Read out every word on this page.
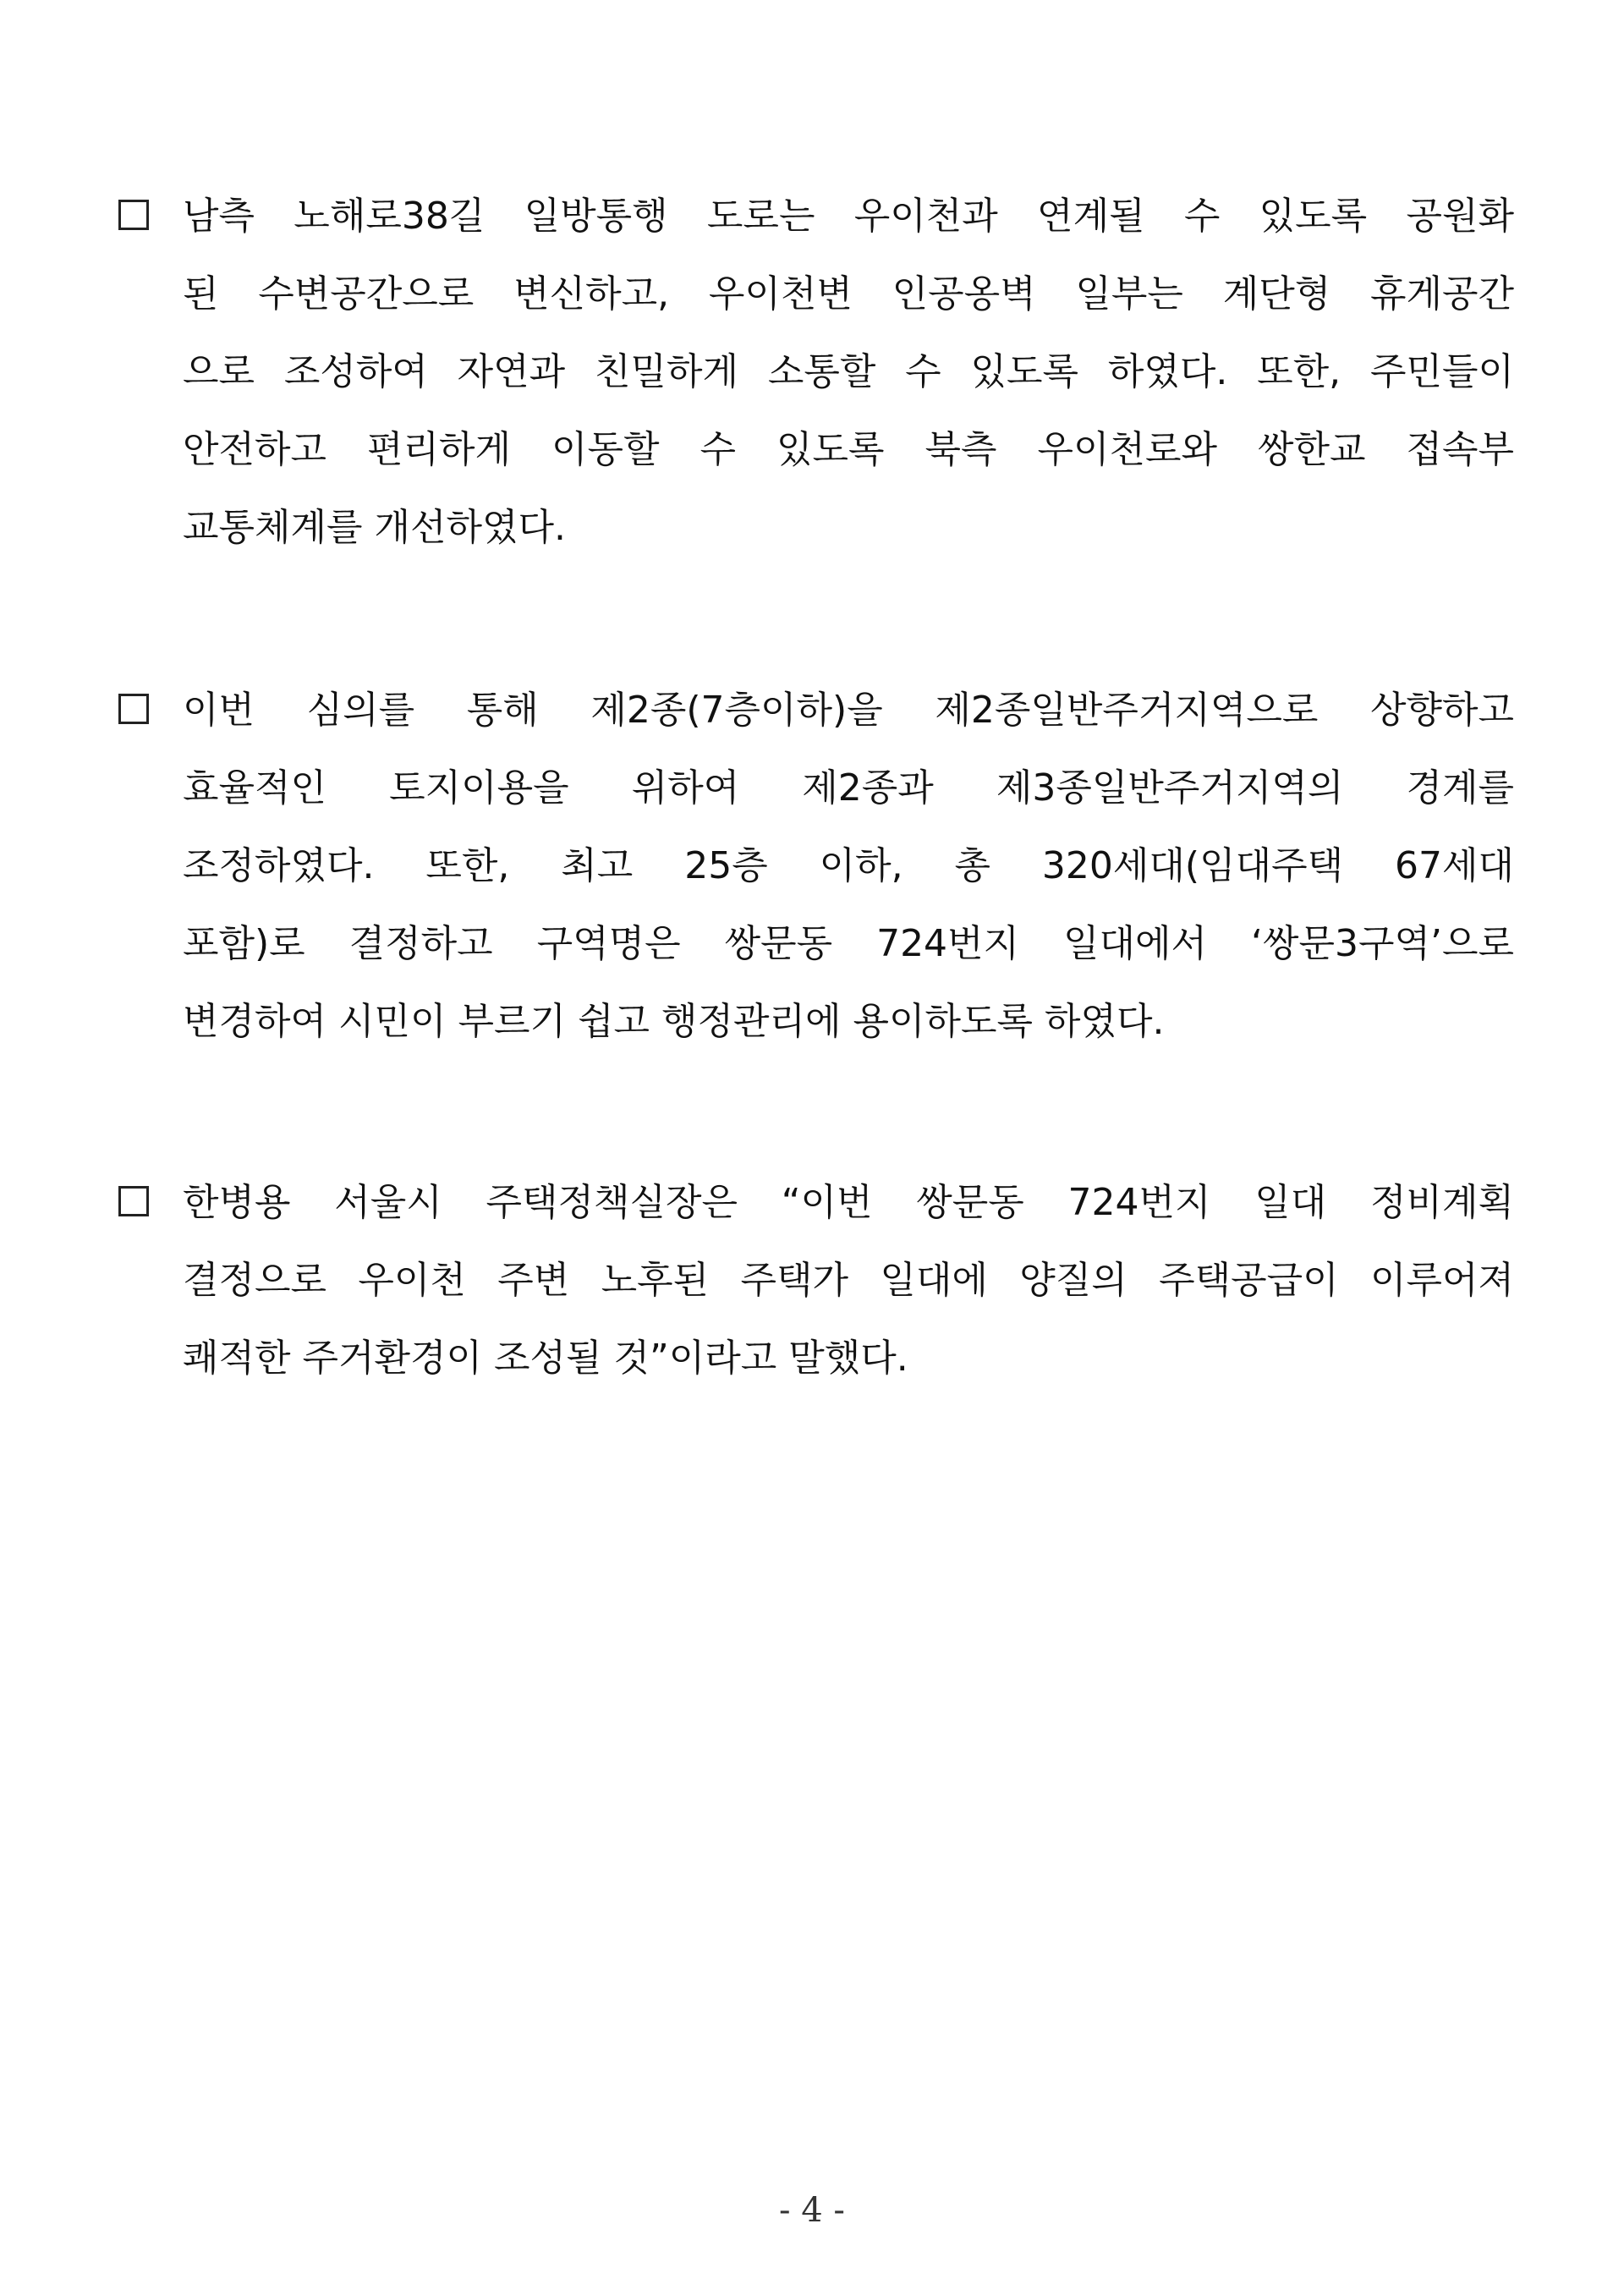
남측 노해로38길 일방통행 도로는 우이천과 연계될 수 있도록 공원화
된 수변공간으로 변신하고, 우이천변 인공옹벽 일부는 계단형 휴게공간
으로 조성하여 자연과 친밀하게 소통할 수 있도록 하였다. 또한, 주민들이
안전하고 편리하게 이동할 수 있도록 북측 우이천로와 쌍한교 접속부
교통체계를 개선하였다.
이번 심의를 통해 제2종(7층이하)을 제2종일반주거지역으로 상향하고
효율적인 토지이용을 위하여 제2종과 제3종일반주거지역의 경계를
조정하였다. 또한, 최고 25층 이하, 총 320세대(임대주택 67세대
포함)로 결정하고 구역명은 쌍문동 724번지 일대에서 ‘쌍문3구역’으로
변경하여 시민이 부르기 쉽고 행정관리에 용이하도록 하였다.
한병용 서울시 주택정책실장은 “이번 쌍문동 724번지 일대 정비계획
결정으로 우이천 주변 노후된 주택가 일대에 양질의 주택공급이 이루어져
쾌적한 주거환경이 조성될 것”이라고 말했다.
- 4 -
